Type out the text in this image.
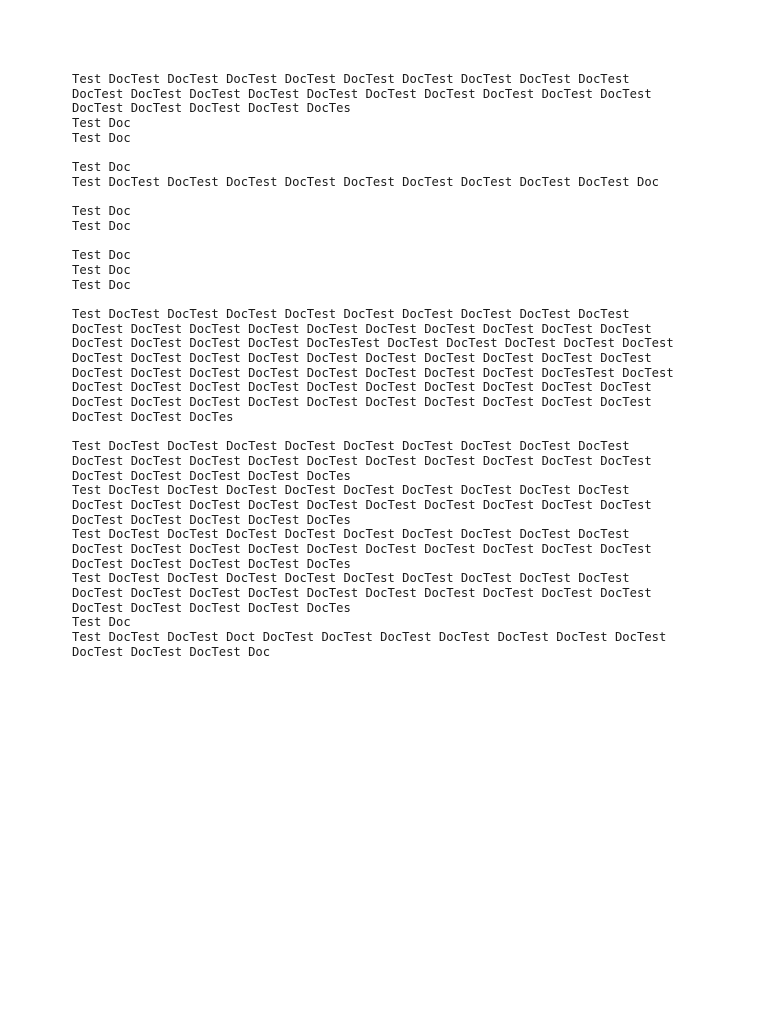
Test DocTest DocTest DocTest DocTest DocTest DocTest DocTest DocTest DocTest
DocTest DocTest DocTest DocTest DocTest DocTest DocTest DocTest DocTest DocTest
DocTest DocTest DocTest DocTest DocTes
Test Doc
Test Doc
Test Doc
Test DocTest DocTest DocTest DocTest DocTest DocTest DocTest DocTest DocTest Doc
Test Doc
Test Doc
Test Doc
Test Doc
Test Doc
Test DocTest DocTest DocTest DocTest DocTest DocTest DocTest DocTest DocTest
DocTest DocTest DocTest DocTest DocTest DocTest DocTest DocTest DocTest DocTest
DocTest DocTest DocTest DocTest DocTesTest DocTest DocTest DocTest DocTest DocTest
DocTest DocTest DocTest DocTest DocTest DocTest DocTest DocTest DocTest DocTest
DocTest DocTest DocTest DocTest DocTest DocTest DocTest DocTest DocTesTest DocTest
DocTest DocTest DocTest DocTest DocTest DocTest DocTest DocTest DocTest DocTest
DocTest DocTest DocTest DocTest DocTest DocTest DocTest DocTest DocTest DocTest
DocTest DocTest DocTes
Test DocTest DocTest DocTest DocTest DocTest DocTest DocTest DocTest DocTest
DocTest DocTest DocTest DocTest DocTest DocTest DocTest DocTest DocTest DocTest
DocTest DocTest DocTest DocTest DocTes
Test DocTest DocTest DocTest DocTest DocTest DocTest DocTest DocTest DocTest
DocTest DocTest DocTest DocTest DocTest DocTest DocTest DocTest DocTest DocTest
DocTest DocTest DocTest DocTest DocTes
Test DocTest DocTest DocTest DocTest DocTest DocTest DocTest DocTest DocTest
DocTest DocTest DocTest DocTest DocTest DocTest DocTest DocTest DocTest DocTest
DocTest DocTest DocTest DocTest DocTes
Test DocTest DocTest DocTest DocTest DocTest DocTest DocTest DocTest DocTest
DocTest DocTest DocTest DocTest DocTest DocTest DocTest DocTest DocTest DocTest
DocTest DocTest DocTest DocTest DocTes
Test Doc
Test DocTest DocTest Doct DocTest DocTest DocTest DocTest DocTest DocTest DocTest
DocTest DocTest DocTest Doc
